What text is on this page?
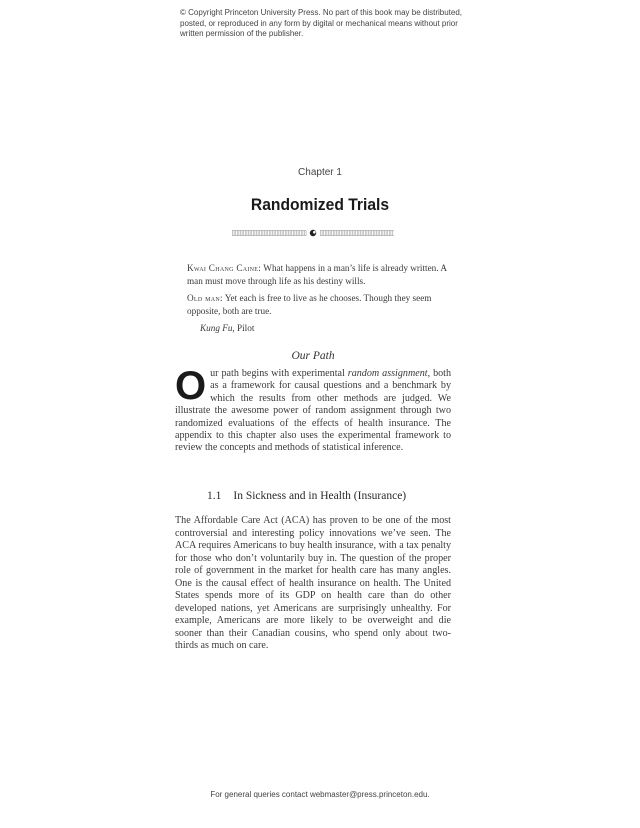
© Copyright Princeton University Press. No part of this book may be distributed, posted, or reproduced in any form by digital or mechanical means without prior written permission of the publisher.
Chapter 1
Randomized Trials

Kwai Chang Caine: What happens in a man’s life is already written. A man must move through life as his destiny wills.

Old man: Yet each is free to live as he chooses. Though they seem opposite, both are true.

Kung Fu, Pilot

Our Path
Our path begins with experimental random assignment, both as a framework for causal questions and a benchmark by which the results from other methods are judged. We illustrate the awesome power of random assignment through two randomized evaluations of the effects of health insurance. The appendix to this chapter also uses the experimental framework to review the concepts and methods of statistical inference.
1.1 In Sickness and in Health (Insurance)
The Affordable Care Act (ACA) has proven to be one of the most controversial and interesting policy innovations we’ve seen. The ACA requires Americans to buy health insurance, with a tax penalty for those who don’t voluntarily buy in. The question of the proper role of government in the market for health care has many angles. One is the causal effect of health insurance on health. The United States spends more of its GDP on health care than do other developed nations, yet Americans are surprisingly unhealthy. For example, Americans are more likely to be overweight and die sooner than their Canadian cousins, who spend only about two-thirds as much on care.
For general queries contact webmaster@press.princeton.edu.
